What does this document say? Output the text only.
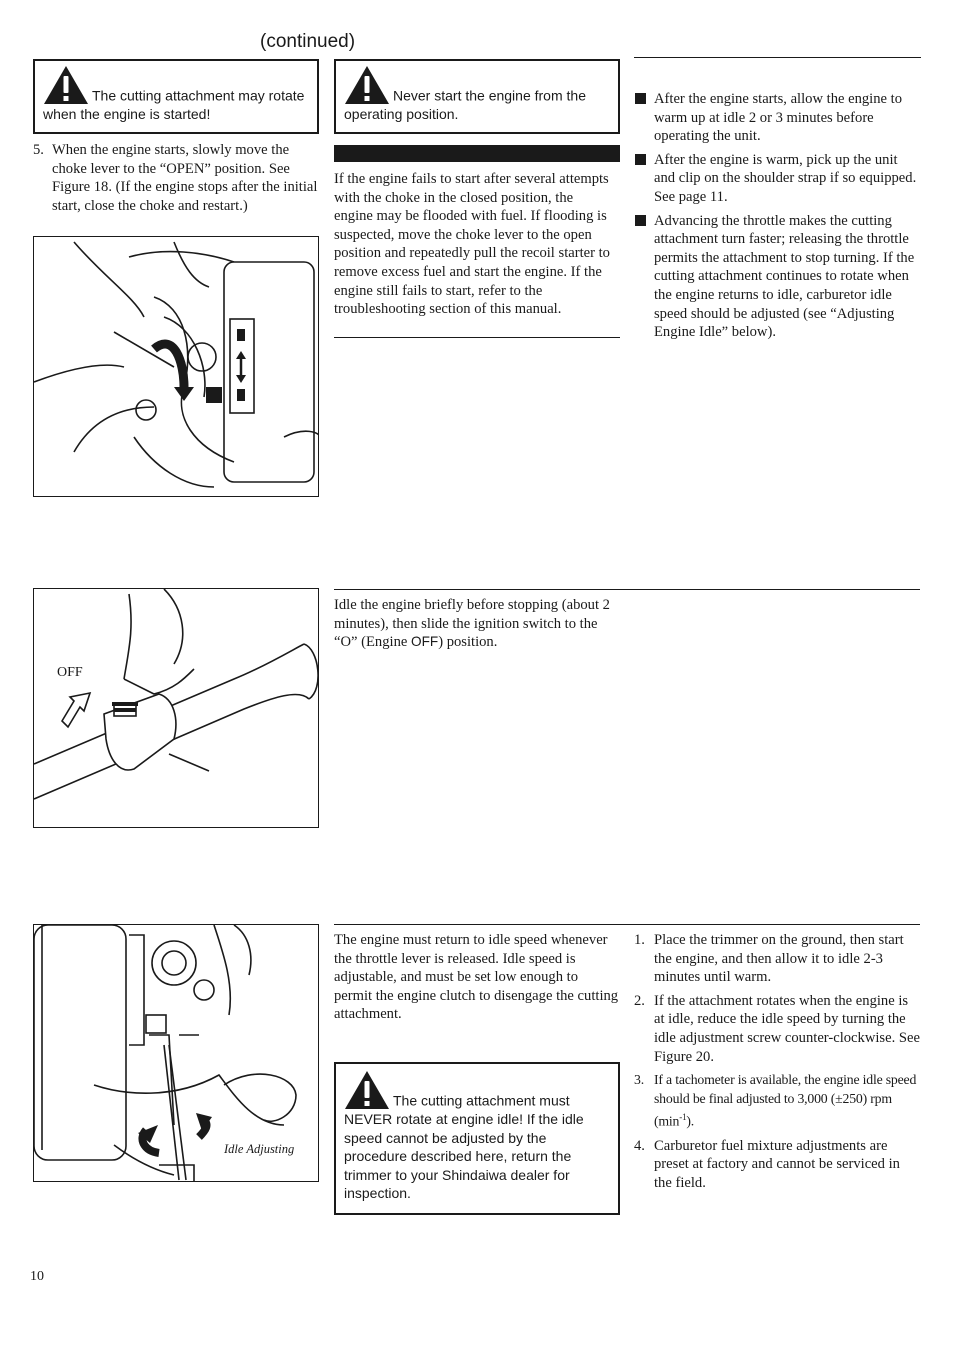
(continued)
The cutting attachment may rotate when the engine is started!
Never start the engine from the operating position.
5. When the engine starts, slowly move the choke lever to the “OPEN” position. See Figure 18. (If the engine stops after the initial start, close the choke and restart.)
If the engine fails to start after several attempts with the choke in the closed position, the engine may be flooded with fuel. If flooding is suspected, move the choke lever to the open position and repeatedly pull the recoil starter to remove excess fuel and start the engine. If the engine still fails to start, refer to the troubleshooting section of this manual.
After the engine starts, allow the engine to warm up at idle 2 or 3 minutes before operating the unit.
After the engine is warm, pick up the unit and clip on the shoulder strap if so equipped. See page 11.
Advancing the throttle makes the cutting attachment turn faster; releasing the throttle permits the attachment to stop turning. If the cutting attachment continues to rotate when the engine returns to idle, carburetor idle speed should be adjusted (see “Adjusting Engine Idle” below).
OFF
Idle the engine briefly before stopping (about 2 minutes), then slide the ignition switch to the “O” (Engine OFF) position.
Idle Adjusting
The engine must return to idle speed whenever the throttle lever is released. Idle speed is adjustable, and must be set low enough to permit the engine clutch to disengage the cutting attachment.
The cutting attachment must NEVER rotate at engine idle! If the idle speed cannot be adjusted by the procedure described here, return the trimmer to your Shindaiwa dealer for inspection.
1. Place the trimmer on the ground, then start the engine, and then allow it to idle 2-3 minutes until warm.
2. If the attachment rotates when the engine is at idle, reduce the idle speed by turning the idle adjustment screw counter-clockwise. See Figure 20.
3. If a tachometer is available, the engine idle speed should be final adjusted to 3,000 (±250) rpm $(\min^{-1})$.
4. Carburetor fuel mixture adjustments are preset at factory and cannot be serviced in the field.
10
